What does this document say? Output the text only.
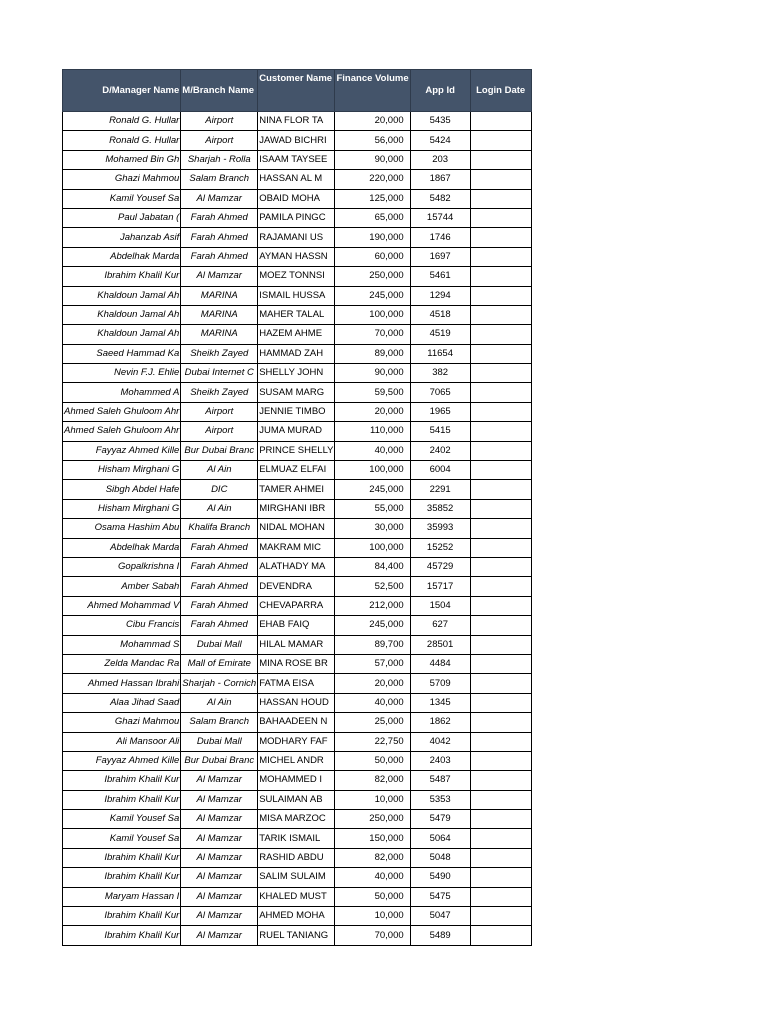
D/Manager Name	M/Branch Name	Customer Name	Finance Volume	App Id	Login Date
Ronald G. Hullar	Airport	NINA FLOR TA	20,000	5435	
Ronald G. Hullar	Airport	JAWAD BICHRI	56,000	5424	
Mohamed Bin Gh	Sharjah - Rolla	ISAAM TAYSEE	90,000	203	
Ghazi Mahmou	Salam Branch	HASSAN AL M	220,000	1867	
Kamil Yousef Sa	Al Mamzar	OBAID MOHA	125,000	5482	
Paul Jabatan (	Farah Ahmed	PAMILA PINGC	65,000	15744	
Jahanzab Asif	Farah Ahmed	RAJAMANI US	190,000	1746	
Abdelhak Marda	Farah Ahmed	AYMAN HASSN	60,000	1697	
Ibrahim Khalil Kur	Al Mamzar	MOEZ TONNSI	250,000	5461	
Khaldoun Jamal Ah	MARINA	ISMAIL HUSSA	245,000	1294	
Khaldoun Jamal Ah	MARINA	MAHER TALAL	100,000	4518	
Khaldoun Jamal Ah	MARINA	HAZEM AHME	70,000	4519	
Saeed Hammad Ka	Sheikh Zayed	HAMMAD ZAH	89,000	11654	
Nevin F.J. Ehlie	Dubai Internet C	SHELLY JOHN	90,000	382	
Mohammed A	Sheikh Zayed	SUSAM MARG	59,500	7065	
Ahmed Saleh Ghuloom Ahr	Airport	JENNIE TIMBO	20,000	1965	
Ahmed Saleh Ghuloom Ahr	Airport	JUMA MURAD	110,000	5415	
Fayyaz Ahmed Kille	Bur Dubai Branc	PRINCE SHELLY	40,000	2402	
Hisham Mirghani G	Al Ain	ELMUAZ ELFAI	100,000	6004	
Sibgh Abdel Hafe	DIC	TAMER AHMEI	245,000	2291	
Hisham Mirghani G	Al Ain	MIRGHANI IBR	55,000	35852	
Osama Hashim Abu	Khalifa Branch	NIDAL MOHAN	30,000	35993	
Abdelhak Marda	Farah Ahmed	MAKRAM MIC	100,000	15252	
Gopalkrishna I	Farah Ahmed	ALATHADY MA	84,400	45729	
Amber Sabah	Farah Ahmed	DEVENDRA	52,500	15717	
Ahmed Mohammad V	Farah Ahmed	CHEVAPARRA	212,000	1504	
Cibu Francis	Farah Ahmed	EHAB FAIQ	245,000	627	
Mohammad S	Dubai Mall	HILAL MAMAR	89,700	28501	
Zelda Mandac Ra	Mall of Emirate	MINA ROSE BR	57,000	4484	
Ahmed Hassan Ibrahi	Sharjah - Cornich	FATMA EISA	20,000	5709	
Alaa Jihad Saad	Al Ain	HASSAN HOUD	40,000	1345	
Ghazi Mahmou	Salam Branch	BAHAADEEN N	25,000	1862	
Ali Mansoor Ali	Dubai Mall	MODHARY FAF	22,750	4042	
Fayyaz Ahmed Kille	Bur Dubai Branc	MICHEL ANDR	50,000	2403	
Ibrahim Khalil Kur	Al Mamzar	MOHAMMED I	82,000	5487	
Ibrahim Khalil Kur	Al Mamzar	SULAIMAN AB	10,000	5353	
Kamil Yousef Sa	Al Mamzar	MISA MARZOC	250,000	5479	
Kamil Yousef Sa	Al Mamzar	TARIK ISMAIL	150,000	5064	
Ibrahim Khalil Kur	Al Mamzar	RASHID ABDU	82,000	5048	
Ibrahim Khalil Kur	Al Mamzar	SALIM SULAIM	40,000	5490	
Maryam Hassan I	Al Mamzar	KHALED MUST	50,000	5475	
Ibrahim Khalil Kur	Al Mamzar	AHMED MOHA	10,000	5047	
Ibrahim Khalil Kur	Al Mamzar	RUEL TANIANG	70,000	5489	
